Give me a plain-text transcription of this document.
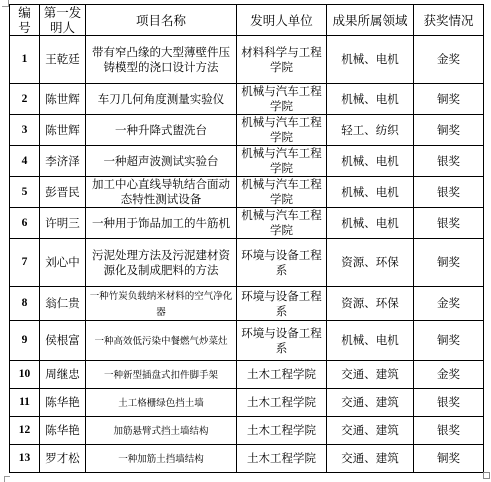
编号	第一发明人	项目名称	发明人单位	成果所属领域	获奖情况
1	王乾廷	带有窄凸缘的大型薄壁件压铸模型的浇口设计方法	材料科学与工程学院	机械、电机	金奖
2	陈世辉	车刀几何角度测量实验仪	机械与汽车工程学院	机械、电机	铜奖
3	陈世辉	一种升降式盥洗台	机械与汽车工程学院	轻工、纺织	铜奖
4	李济泽	一种超声波测试实验台	机械与汽车工程学院	机械、电机	银奖
5	彭晋民	加工中心直线导轨结合面动态特性测试设备	机械与汽车工程学院	机械、电机	银奖
6	许明三	一种用于饰品加工的牛筋机	机械与汽车工程学院	机械、电机	银奖
7	刘心中	污泥处理方法及污泥建材资源化及制成肥料的方法	环境与设备工程系	资源、环保	铜奖
8	翁仁贵	一种竹炭负载纳米材料的空气净化器	环境与设备工程系	资源、环保	金奖
9	侯根富	一种高效低污染中餐燃气炒菜灶	环境与设备工程系	机械、电机	铜奖
10	周继忠	一种新型插盘式扣件脚手架	土木工程学院	交通、建筑	金奖
11	陈华艳	土工格栅绿色挡土墙	土木工程学院	交通、建筑	银奖
12	陈华艳	加筋悬臂式挡土墙结构	土木工程学院	交通、建筑	银奖
13	罗才松	一种加筋土挡墙结构	土木工程学院	交通、建筑	铜奖
